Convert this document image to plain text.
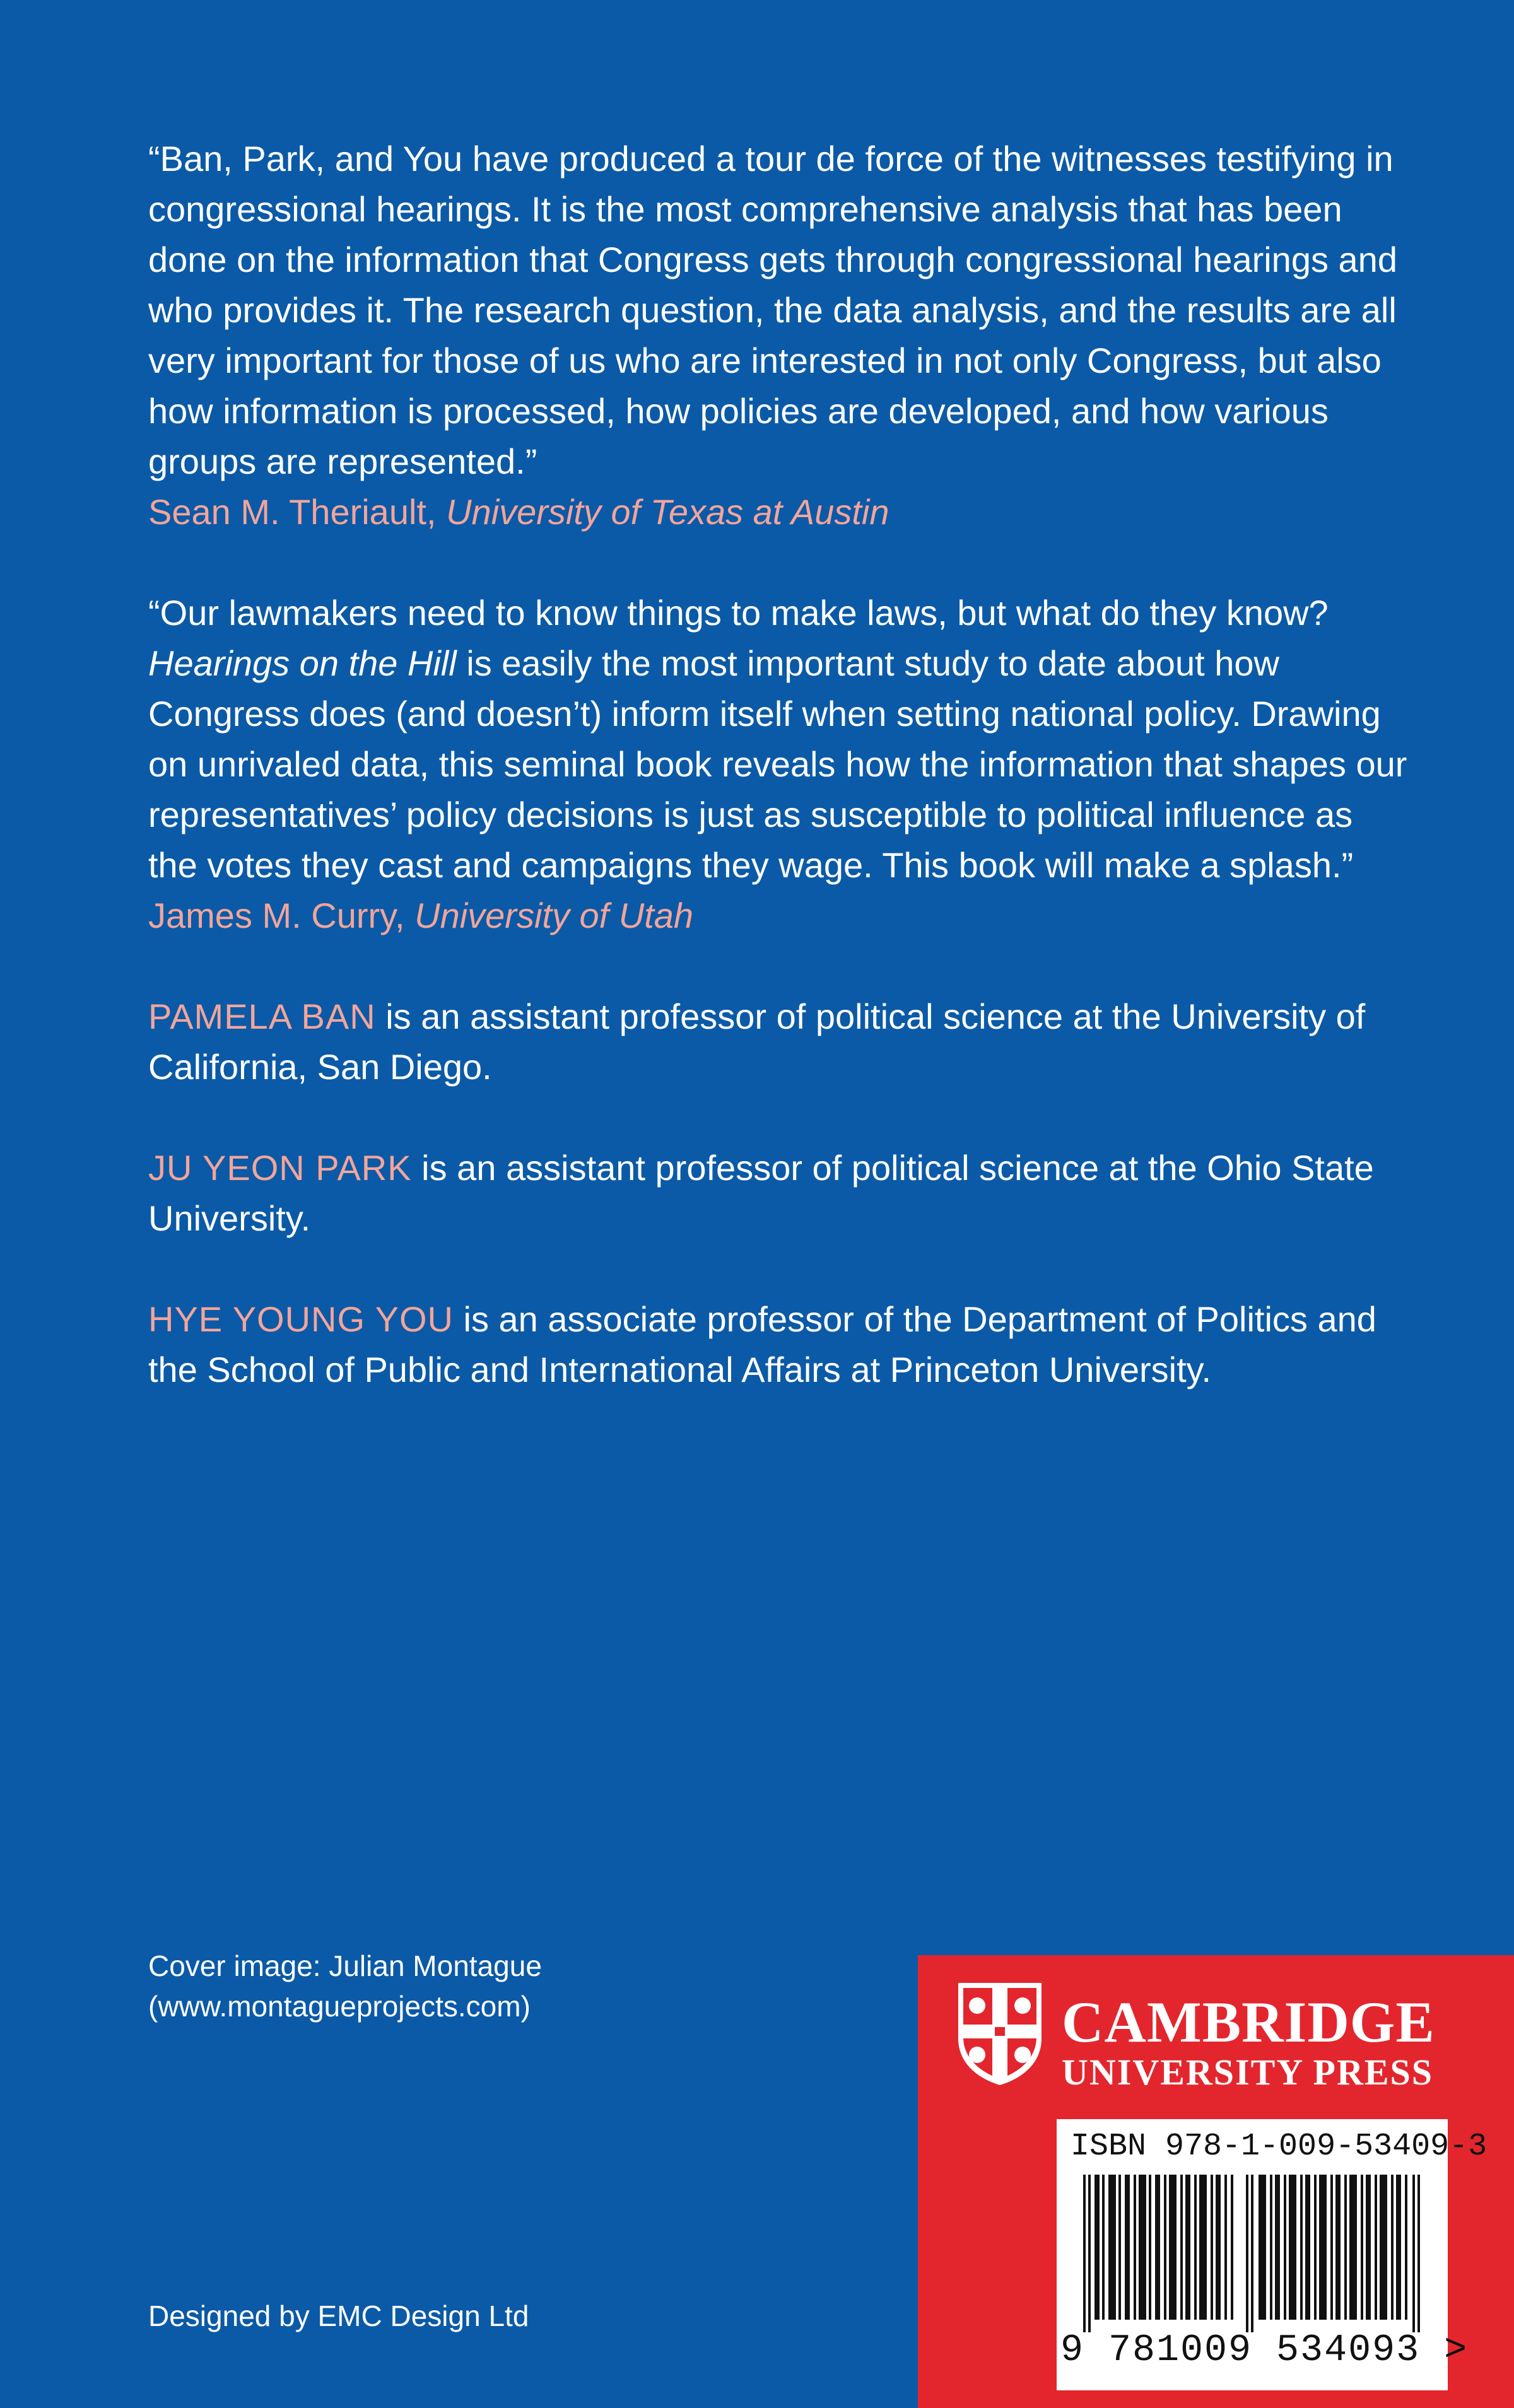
“Ban, Park, and You have produced a tour de force of the witnesses testifying in congressional hearings. It is the most comprehensive analysis that has been done on the information that Congress gets through congressional hearings and who provides it. The research question, the data analysis, and the results are all very important for those of us who are interested in not only Congress, but also how information is processed, how policies are developed, and how various groups are represented.”

Sean M. Theriault, University of Texas at Austin

“Our lawmakers need to know things to make laws, but what do they know? Hearings on the Hill is easily the most important study to date about how Congress does (and doesn’t) inform itself when setting national policy. Drawing on unrivaled data, this seminal book reveals how the information that shapes our representatives’ policy decisions is just as susceptible to political influence as the votes they cast and campaigns they wage. This book will make a splash.”

James M. Curry, University of Utah

PAMELA BAN is an assistant professor of political science at the University of California, San Diego.

JU YEON PARK is an assistant professor of political science at the Ohio State University.

HYE YOUNG YOU is an associate professor of the Department of Politics and the School of Public and International Affairs at Princeton University.

Cover image: Julian Montague
(www.montagueprojects.com)
Designed by EMC Design Ltd
CAMBRIDGE
UNIVERSITY PRESS
ISBN 978-1-009-53409-3
9 781009 534093 >
